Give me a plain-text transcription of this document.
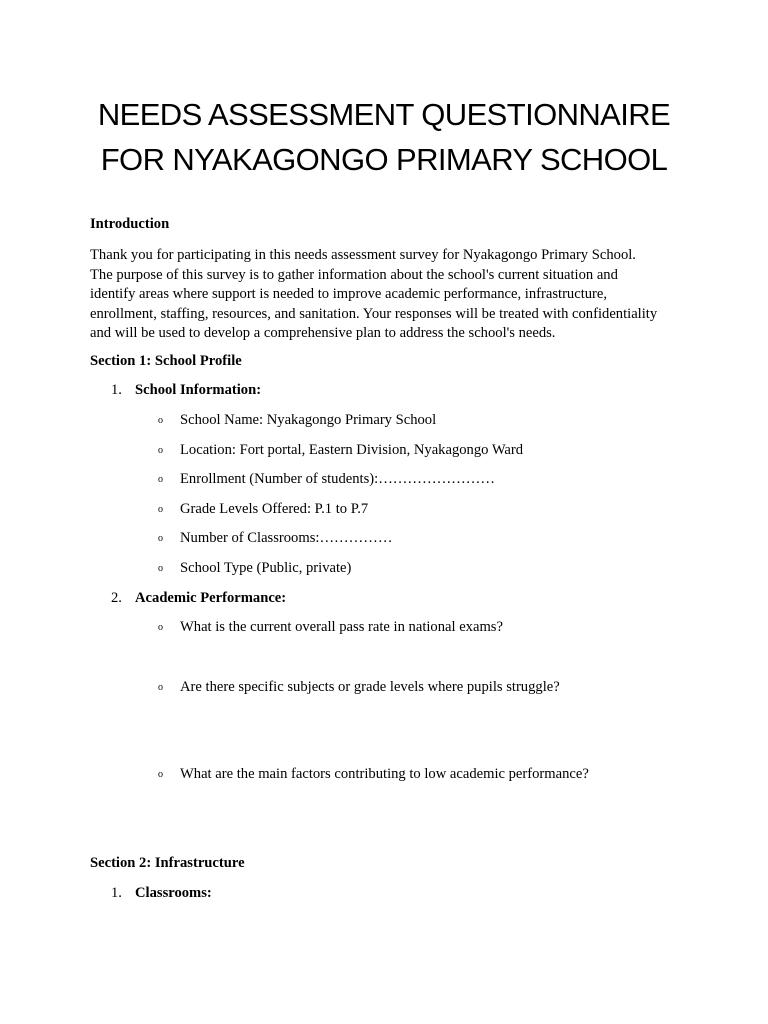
NEEDS ASSESSMENT QUESTIONNAIRE
FOR NYAKAGONGO PRIMARY SCHOOL
Introduction
Thank you for participating in this needs assessment survey for Nyakagongo Primary School.
The purpose of this survey is to gather information about the school's current situation and
identify areas where support is needed to improve academic performance, infrastructure,
enrollment, staffing, resources, and sanitation. Your responses will be treated with confidentiality
and will be used to develop a comprehensive plan to address the school's needs.
Section 1: School Profile
1. School Information:
o School Name: Nyakagongo Primary School
o Location: Fort portal, Eastern Division, Nyakagongo Ward
o Enrollment (Number of students):……………………
o Grade Levels Offered: P.1 to P.7
o Number of Classrooms:……………
o School Type (Public, private)
2. Academic Performance:
o What is the current overall pass rate in national exams?
o Are there specific subjects or grade levels where pupils struggle?
o What are the main factors contributing to low academic performance?
Section 2: Infrastructure
1. Classrooms:
